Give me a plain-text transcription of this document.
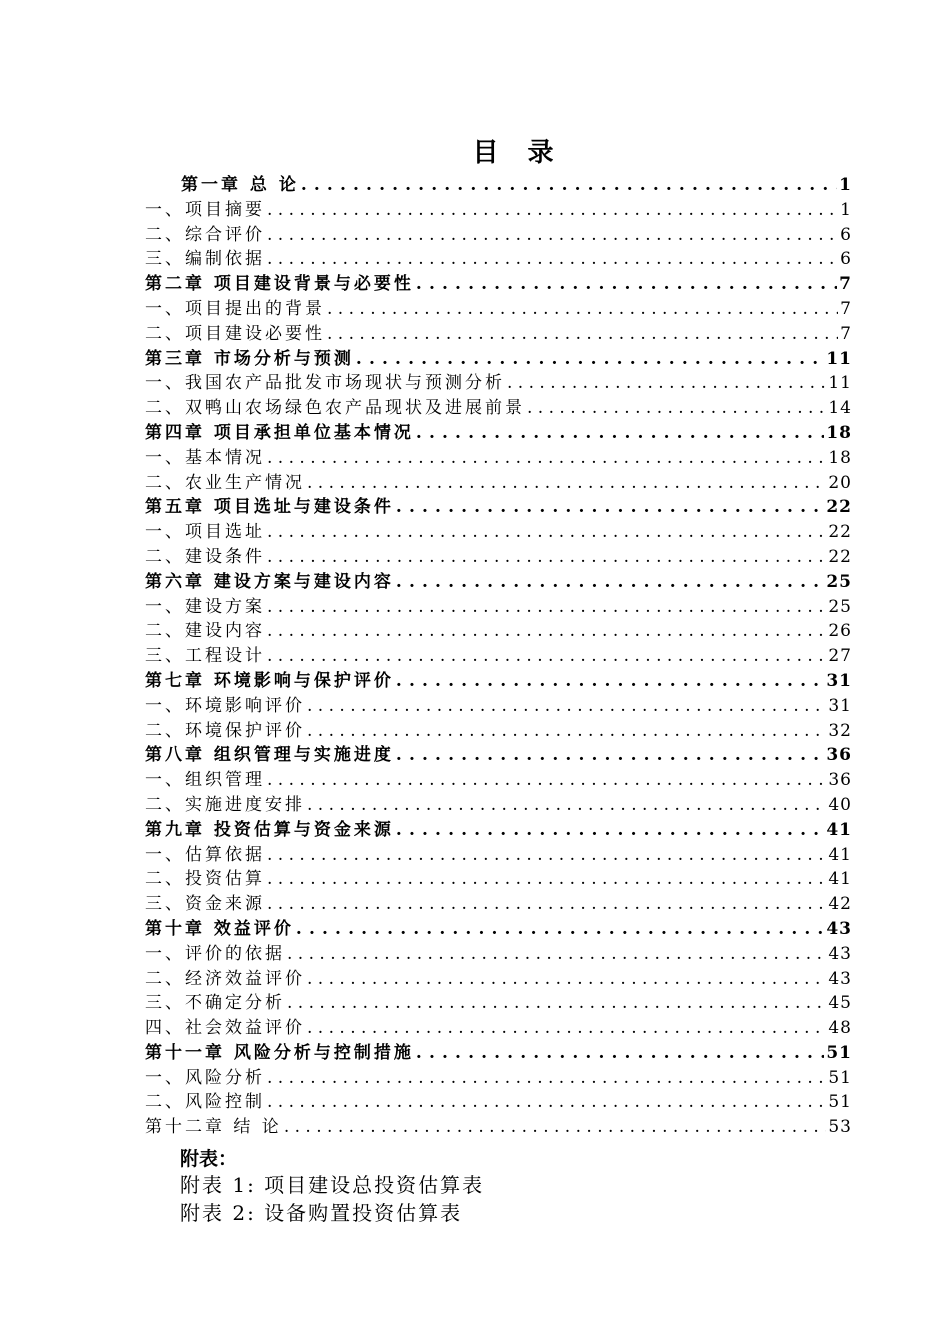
目 录
第一章 总 论 . . .	1
一、项目摘要 . . .	1
二、综合评价 . . .	6
三、编制依据 . . .	6
第二章 项目建设背景与必要性 . . .	7
一、项目提出的背景 . . .	7
二、项目建设必要性 . . .	7
第三章 市场分析与预测 . . .	11
一、我国农产品批发市场现状与预测分析 . . .	11
二、双鸭山农场绿色农产品现状及进展前景 . . .	14
第四章 项目承担单位基本情况 . . .	18
一、基本情况 . . .	18
二、农业生产情况 . . .	20
第五章 项目选址与建设条件 . . .	22
一、项目选址 . . .	22
二、建设条件 . . .	22
第六章 建设方案与建设内容 . . .	25
一、建设方案 . . .	25
二、建设内容 . . .	26
三、工程设计 . . .	27
第七章 环境影响与保护评价 . . .	31
一、环境影响评价 . . .	31
二、环境保护评价 . . .	32
第八章 组织管理与实施进度 . . .	36
一、组织管理 . . .	36
二、实施进度安排 . . .	40
第九章 投资估算与资金来源 . . .	41
一、估算依据 . . .	41
二、投资估算 . . .	41
三、资金来源 . . .	42
第十章 效益评价 . . .	43
一、评价的依据 . . .	43
二、经济效益评价 . . .	43
三、不确定分析 . . .	45
四、社会效益评价 . . .	48
第十一章 风险分析与控制措施 . . .	51
一、风险分析 . . .	51
二、风险控制 . . .	51
第十二章 结 论 . . .	53
附表：
附表 1: 项目建设总投资估算表
附表 2: 设备购置投资估算表
